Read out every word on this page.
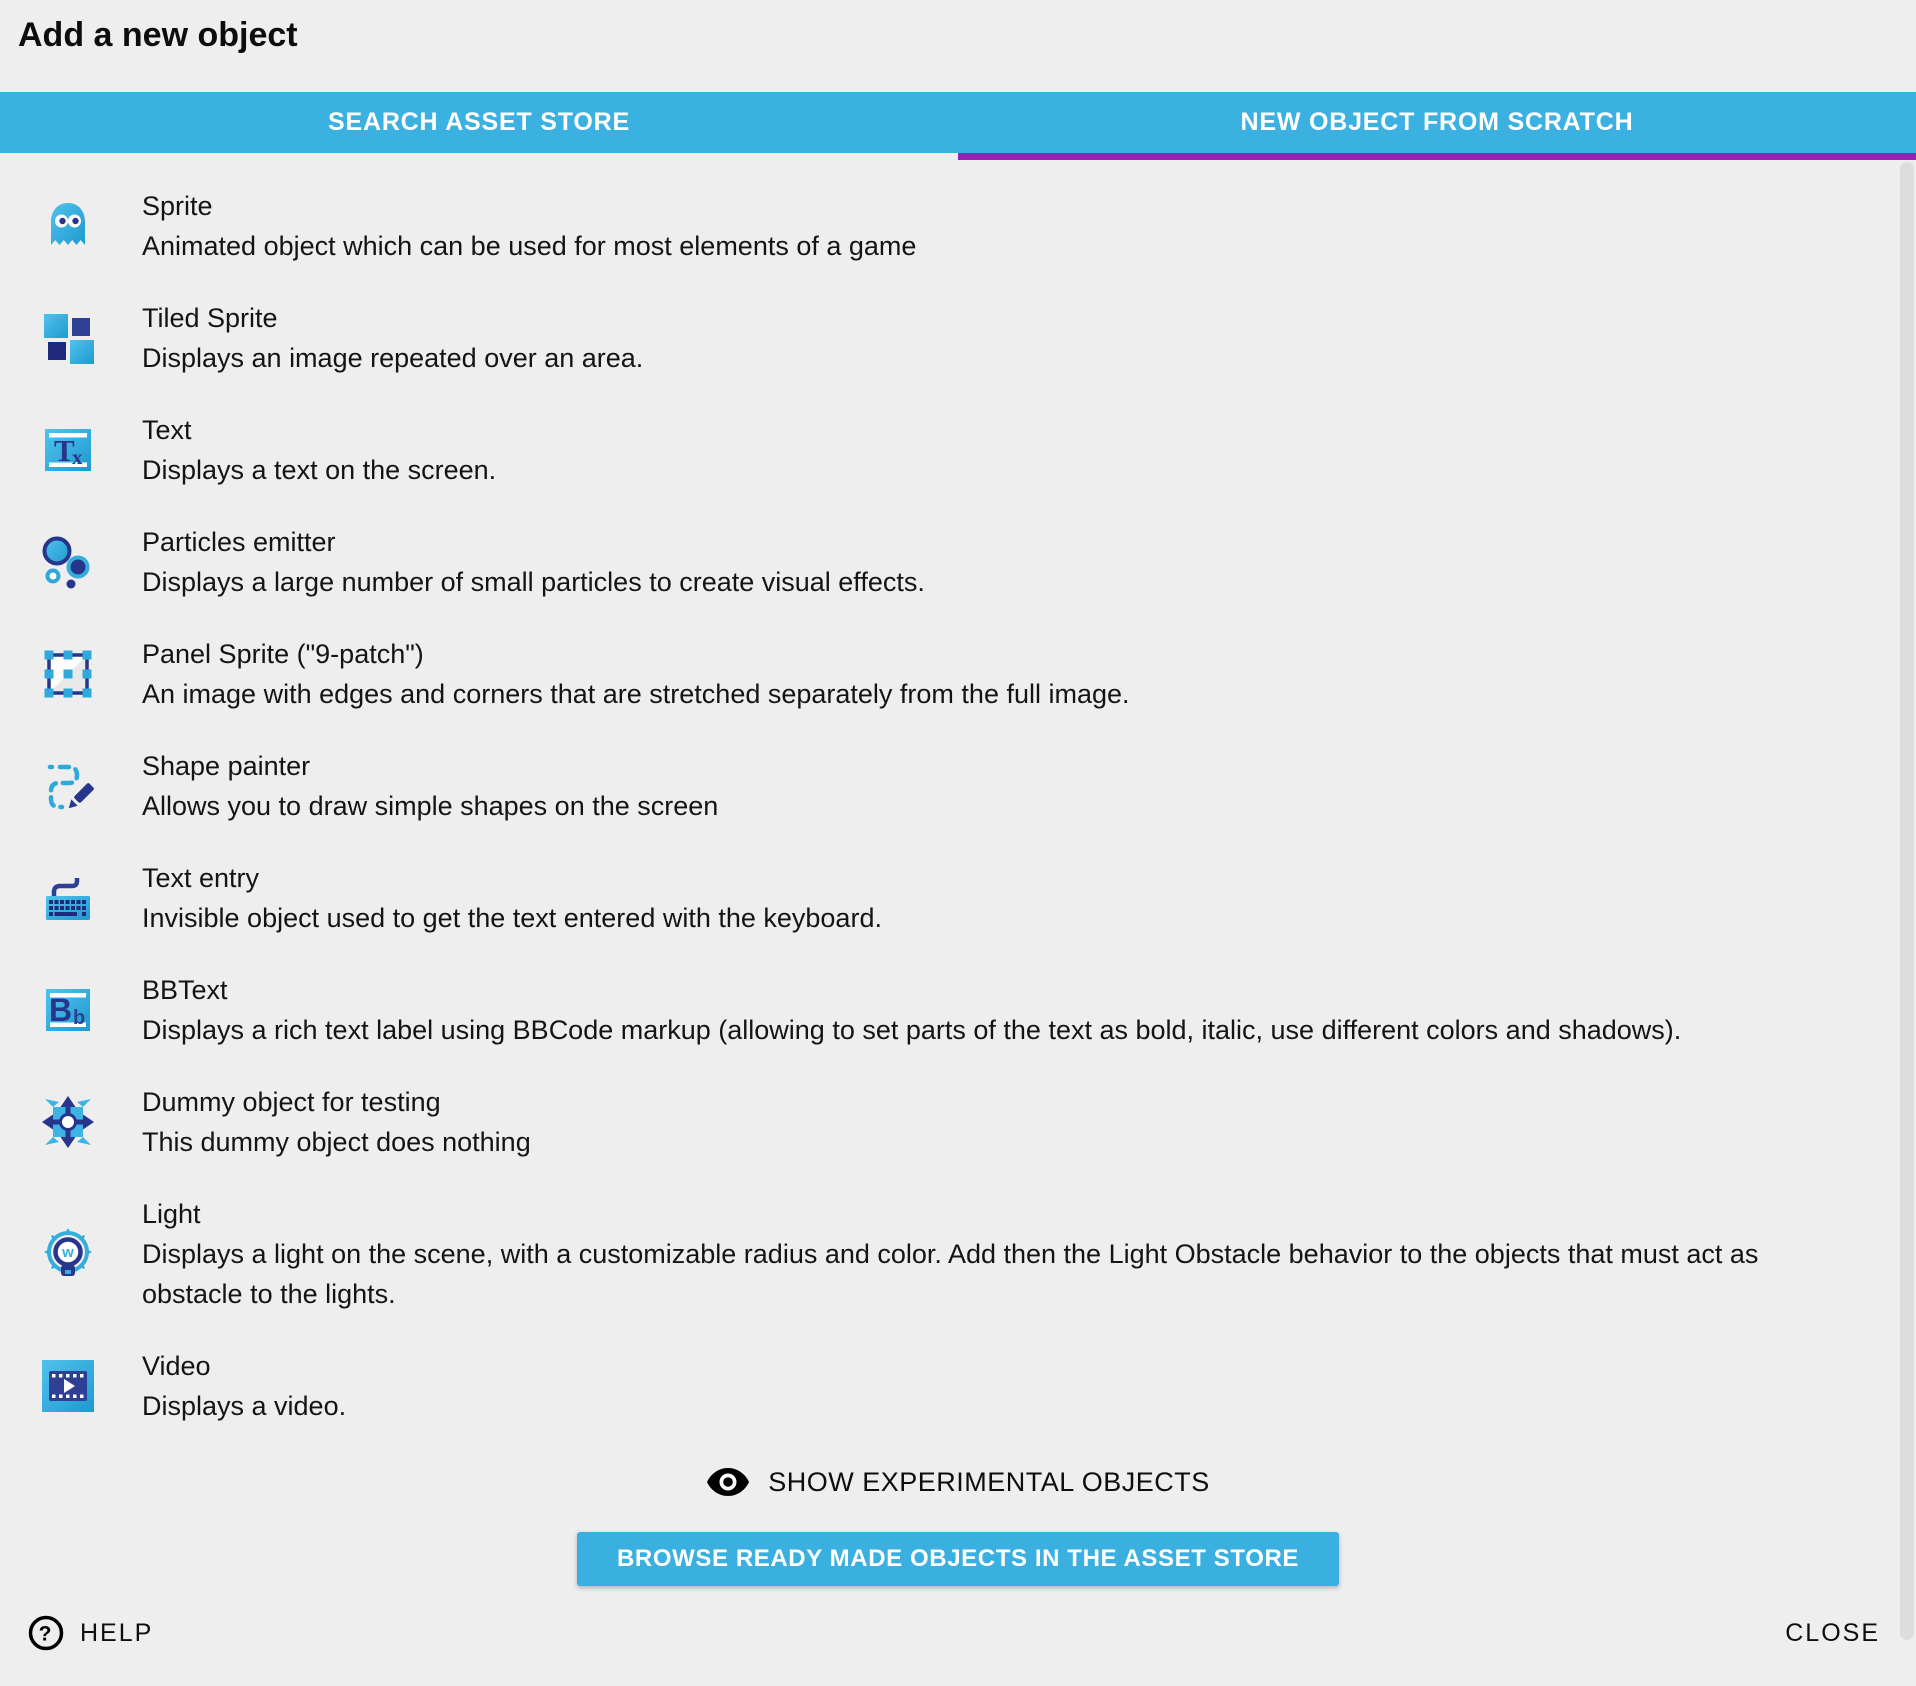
Add a new object
SEARCH ASSET STORE	NEW OBJECT FROM SCRATCH
Sprite
Animated object which can be used for most elements of a game
Tiled Sprite
Displays an image repeated over an area.
T
x
Text
Displays a text on the screen.
Particles emitter
Displays a large number of small particles to create visual effects.
Panel Sprite ("9-patch")
An image with edges and corners that are stretched separately from the full image.
Shape painter
Allows you to draw simple shapes on the screen
Text entry
Invisible object used to get the text entered with the keyboard.
B b
BBText
Displays a rich text label using BBCode markup (allowing to set parts of the text as bold, italic, use different colors and shadows).
Dummy object for testing
This dummy object does nothing
w
Light
Displays a light on the scene, with a customizable radius and color. Add then the Light Obstacle behavior to the objects that must act as obstacle to the lights.
Video
Displays a video.
SHOW EXPERIMENTAL OBJECTS
BROWSE READY MADE OBJECTS IN THE ASSET STORE
? HELP	CLOSE
